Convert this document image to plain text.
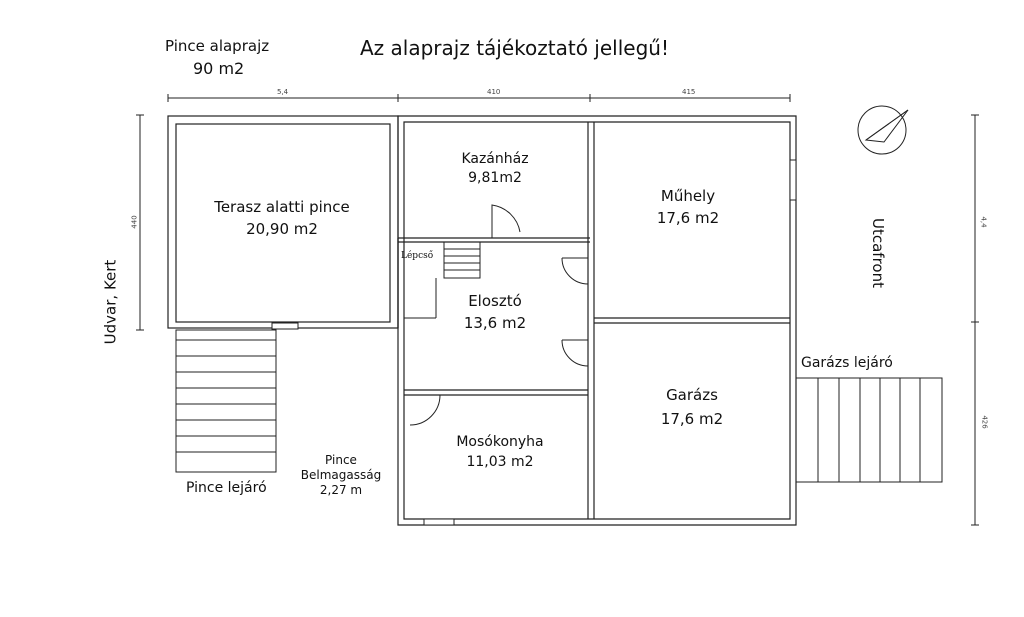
Az alaprajz tájékoztató jellegű!
Pince alaprajz
90 m2
5,4	410	415
440	4,4
426
Terasz alatti pince
20,90 m2
Kazánház
9,81m2
Műhely
17,6 m2
Elosztó
13,6 m2
Garázs
17,6 m2
Mosókonyha
11,03 m2
Lépcső
Udvar, Kert
Utcafront
Pince lejáró
Garázs lejáró
Pince
Belmagasság
2,27 m
